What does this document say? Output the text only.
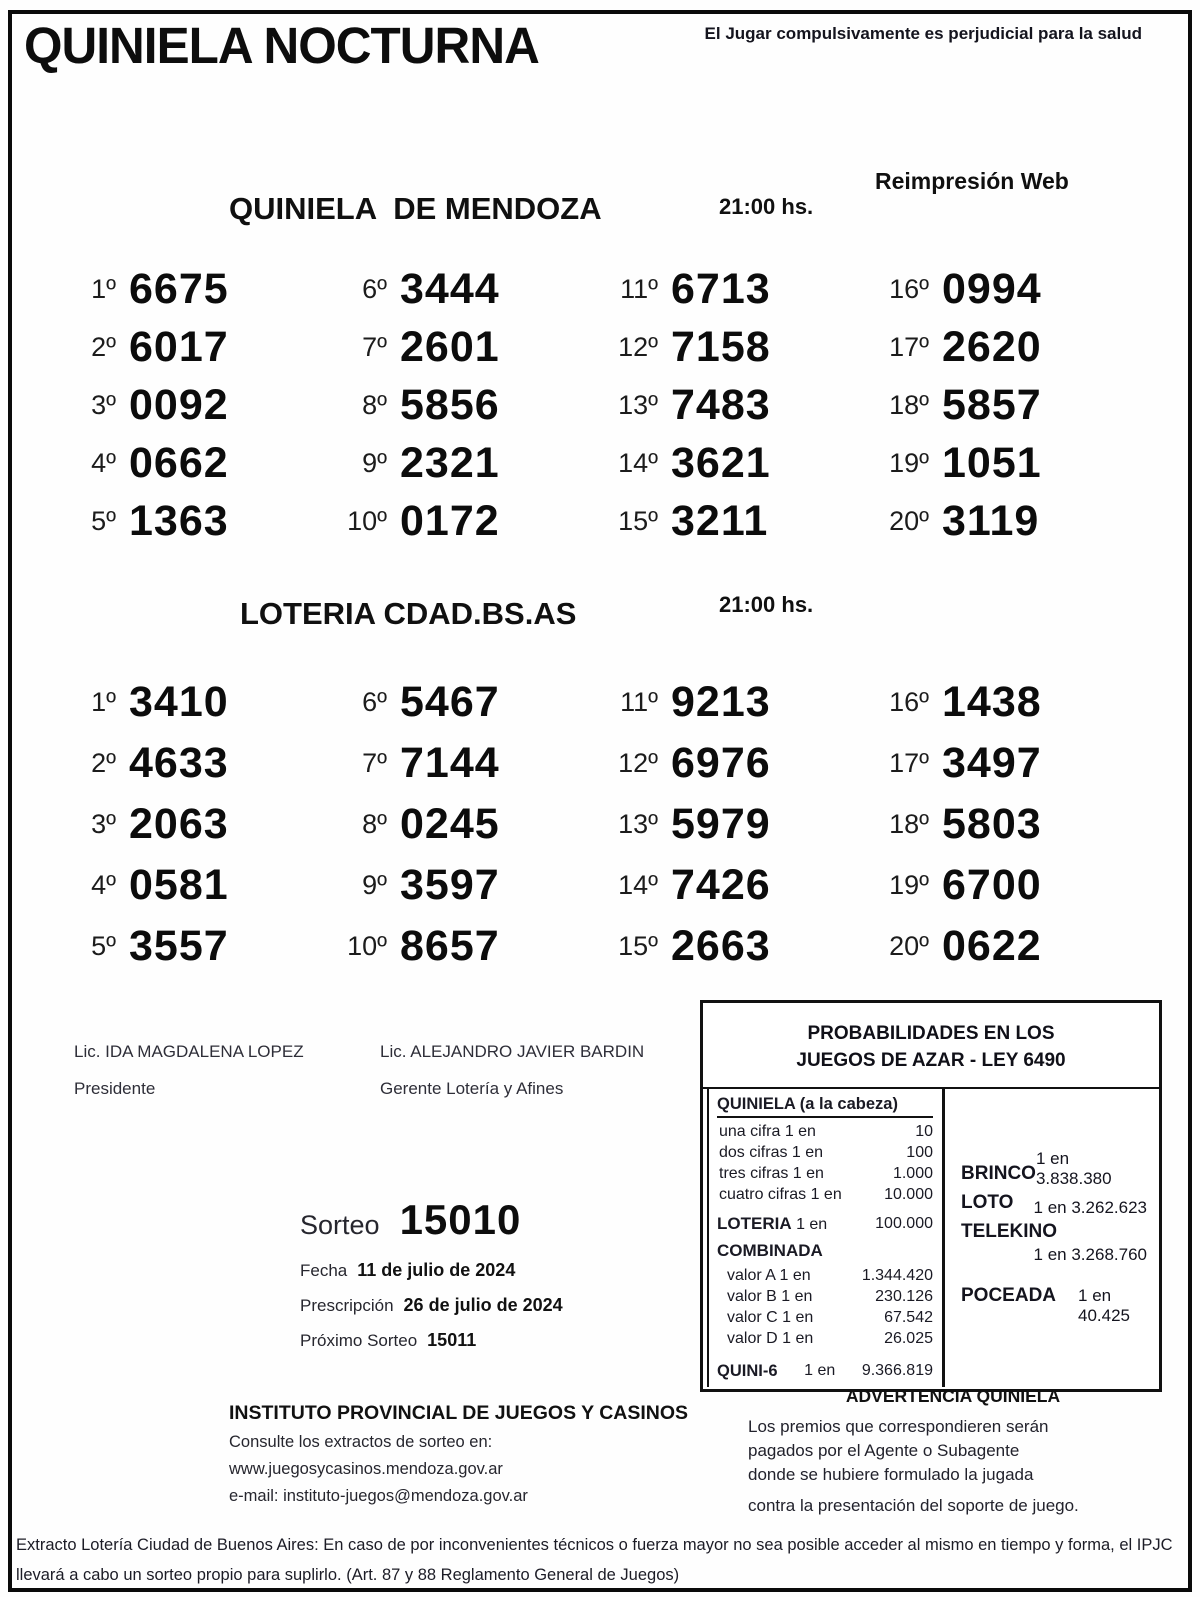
QUINIELA NOCTURNA	El Jugar compulsivamente es perjudicial para la salud
QUINIELA  DE MENDOZA	21:00 hs.
Reimpresión Web
1º 6675
2º 6017
3º 0092
4º 0662
5º 1363
6º 3444
7º 2601
8º 5856
9º 2321
10º 0172
11º 6713
12º 7158
13º 7483
14º 3621
15º 3211
16º 0994
17º 2620
18º 5857
19º 1051
20º 3119
LOTERIA CDAD.BS.AS	21:00 hs.
1º 3410
2º 4633
3º 2063
4º 0581
5º 3557
6º 5467
7º 7144
8º 0245
9º 3597
10º 8657
11º 9213
12º 6976
13º 5979
14º 7426
15º 2663
16º 1438
17º 3497
18º 5803
19º 6700
20º 0622
Lic. IDA MAGDALENA LOPEZ
Presidente
Lic. ALEJANDRO JAVIER BARDIN
Gerente Lotería y Afines
PROBABILIDADES EN LOS
JUEGOS DE AZAR - LEY 6490
QUINIELA (a la cabeza)
una cifra 1 en	10
dos cifras 1 en	100
tres cifras 1 en	1.000
cuatro cifras 1 en	10.000
LOTERIA 1 en	100.000
COMBINADA
valor A 1 en	1.344.420
valor B 1 en	230.126
valor C 1 en	67.542
valor D 1 en	26.025
QUINI-6 1 en 9.366.819
BRINCO
1 en 3.838.380
LOTO 1 en 3.262.623
TELEKINO
1 en 3.268.760
POCEADA 1 en 40.425
Sorteo 15010
Fecha 11 de julio de 2024
Prescripción 26 de julio de 2024
Próximo Sorteo 15011
INSTITUTO PROVINCIAL DE JUEGOS Y CASINOS
Consulte los extractos de sorteo en:
www.juegosycasinos.mendoza.gov.ar
e-mail: instituto-juegos@mendoza.gov.ar
ADVERTENCIA QUINIELA
Los premios que correspondieren serán
pagados por el Agente o Subagente
donde se hubiere formulado la jugada
contra la presentación del soporte de juego.
Extracto Lotería Ciudad de Buenos Aires: En caso de por inconvenientes técnicos o fuerza mayor no sea posible acceder al mismo en tiempo y forma, el IPJC llevará a cabo un sorteo propio para suplirlo. (Art. 87 y 88 Reglamento General de Juegos)
